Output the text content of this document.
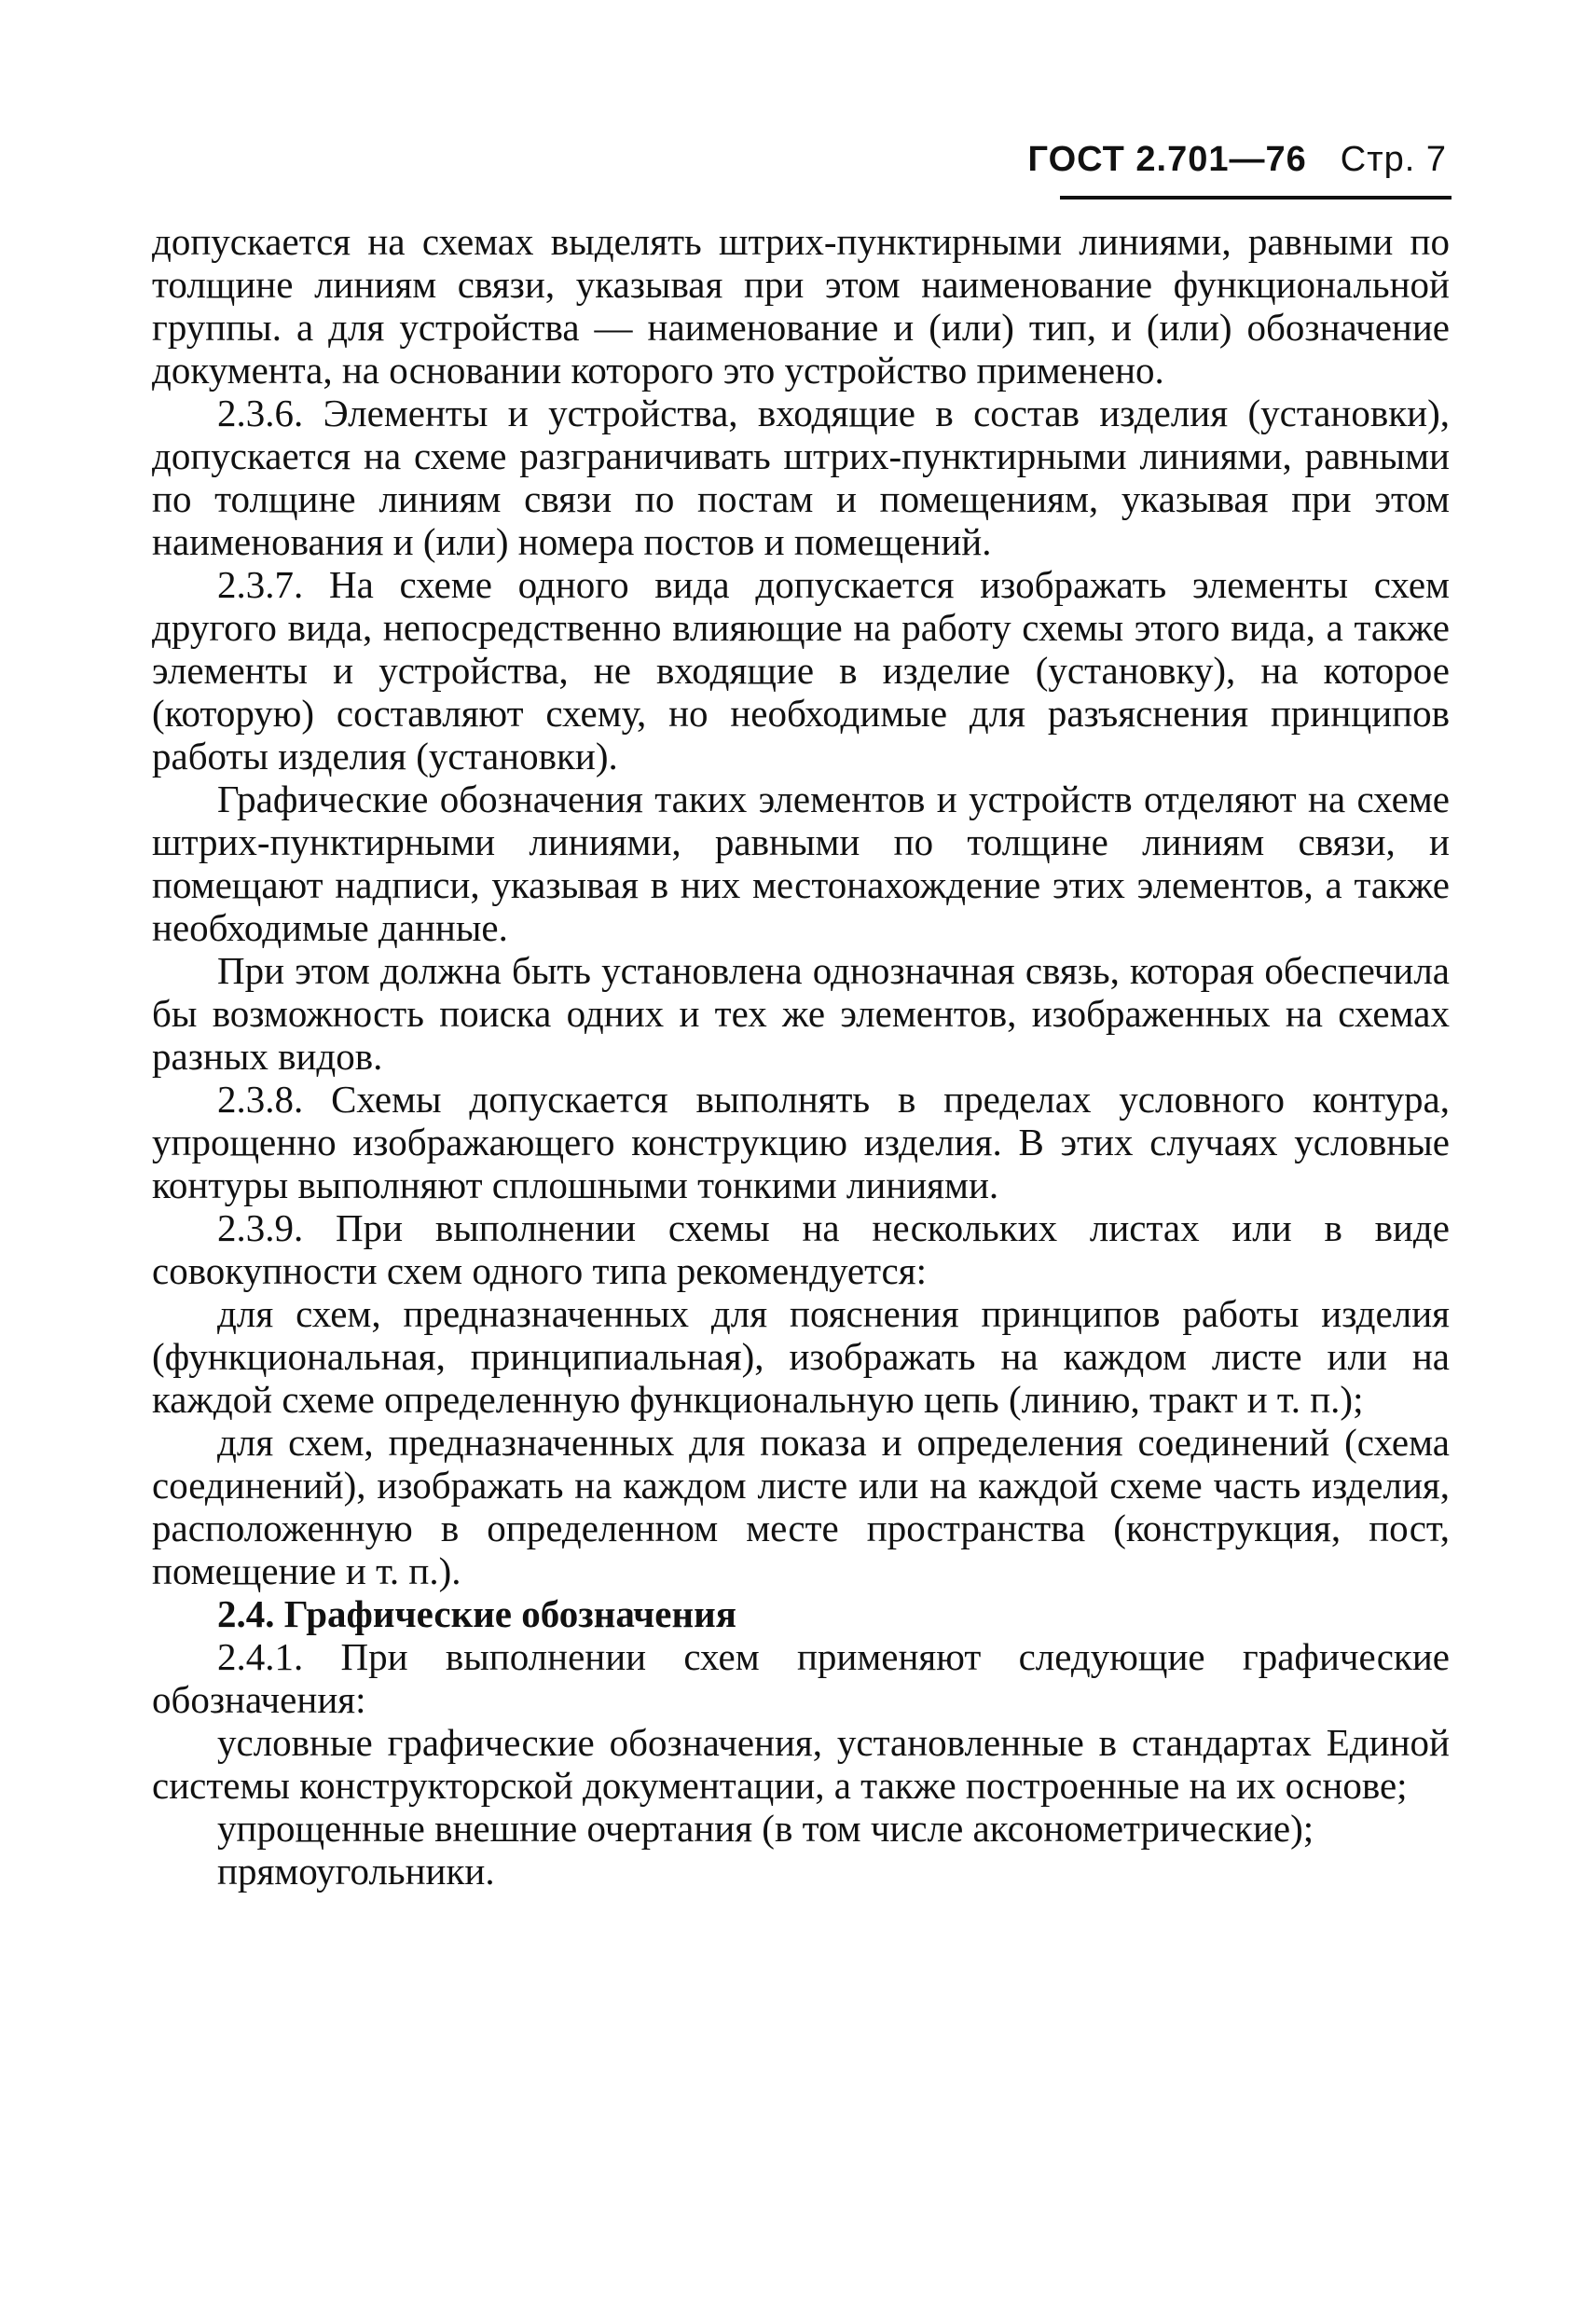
ГОСТ 2.701—76 Стр. 7

допускается на схемах выделять штрих-пунктирными линиями, равными по толщине линиям связи, указывая при этом наименование функциональной группы. а для устройства — наименование и (или) тип, и (или) обозначение документа, на основании которого это устройство применено.

2.3.6. Элементы и устройства, входящие в состав изделия (установки), допускается на схеме разграничивать штрих-пунктирными линиями, равными по толщине линиям связи по постам и помещениям, указывая при этом наименования и (или) номера постов и помещений.

2.3.7. На схеме одного вида допускается изображать элементы схем другого вида, непосредственно влияющие на работу схемы этого вида, а также элементы и устройства, не входящие в изделие (установку), на которое (которую) составляют схему, но необходимые для разъяснения принципов работы изделия (установки).

Графические обозначения таких элементов и устройств отделяют на схеме штрих-пунктирными линиями, равными по толщине линиям связи, и помещают надписи, указывая в них местонахождение этих элементов, а также необходимые данные.

При этом должна быть установлена однозначная связь, которая обеспечила бы возможность поиска одних и тех же элементов, изображенных на схемах разных видов.

2.3.8. Схемы допускается выполнять в пределах условного контура, упрощенно изображающего конструкцию изделия. В этих случаях условные контуры выполняют сплошными тонкими линиями.

2.3.9. При выполнении схемы на нескольких листах или в виде совокупности схем одного типа рекомендуется:

для схем, предназначенных для пояснения принципов работы изделия (функциональная, принципиальная), изображать на каждом листе или на каждой схеме определенную функциональную цепь (линию, тракт и т. п.);

для схем, предназначенных для показа и определения соединений (схема соединений), изображать на каждом листе или на каждой схеме часть изделия, расположенную в определенном месте пространства (конструкция, пост, помещение и т. п.).

2.4. Графические обозначения

2.4.1. При выполнении схем применяют следующие графические обозначения:

условные графические обозначения, установленные в стандартах Единой системы конструкторской документации, а также построенные на их основе;

упрощенные внешние очертания (в том числе аксонометрические);

прямоугольники.
